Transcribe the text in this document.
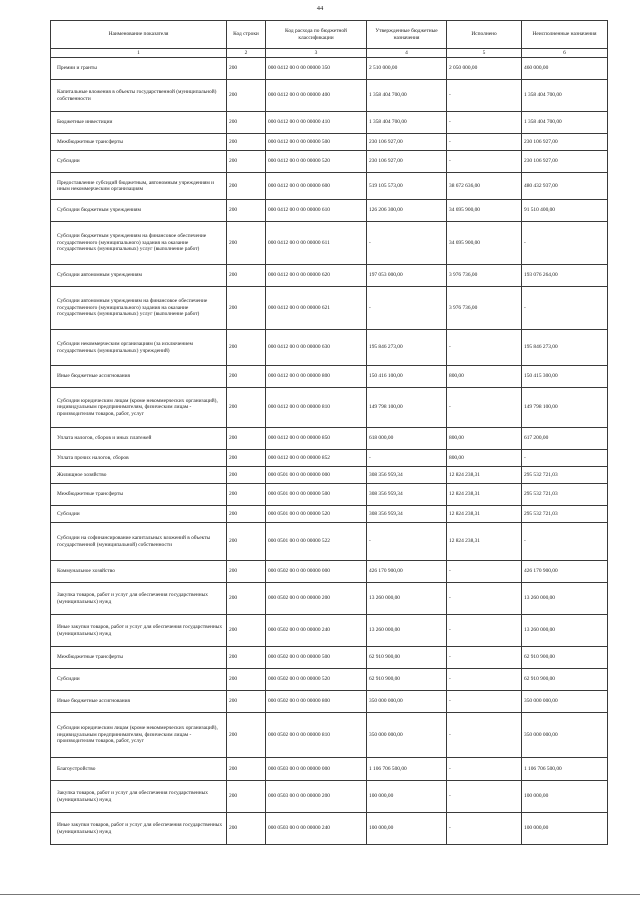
44
Наименование показателя	Код строки	Код расхода по бюджетной классификации	Утвержденные бюджетные назначения	Исполнено	Неисполненные назначения
1	2	3	4	5	6
Премии и гранты	200	000 0412 00 0 00 00000 350	2 510 000,00	2 050 000,00	460 000,00
Капитальные вложения в объекты государственной (муниципальной) собственности	200	000 0412 00 0 00 00000 400	1 358 404 700,00	-	1 358 404 700,00
Бюджетные инвестиции	200	000 0412 00 0 00 00000 410	1 358 404 700,00	-	1 358 404 700,00
Межбюджетные трансферты	200	000 0412 00 0 00 00000 500	230 106 927,00	-	230 106 927,00
Субсидии	200	000 0412 00 0 00 00000 520	230 106 927,00	-	230 106 927,00
Предоставление субсидий бюджетным, автономным учреждениям и иным некоммерческим организациям	200	000 0412 00 0 00 00000 600	519 105 573,00	38 672 636,00	480 432 937,00
Субсидии бюджетным учреждениям	200	000 0412 00 0 00 00000 610	126 206 300,00	34 695 900,00	91 510 400,00
Субсидии бюджетным учреждениям на финансовое обеспечение государственного (муниципального) задания на оказание государственных (муниципальных) услуг (выполнение работ)	200	000 0412 00 0 00 00000 611	-	34 695 900,00	-
Субсидии автономным учреждениям	200	000 0412 00 0 00 00000 620	197 053 000,00	3 976 736,00	193 076 264,00
Субсидии автономным учреждениям на финансовое обеспечение государственного (муниципального) задания на оказание государственных (муниципальных) услуг (выполнение работ)	200	000 0412 00 0 00 00000 621	-	3 976 736,00	-
Субсидии некоммерческим организациям (за исключением государственных (муниципальных) учреждений)	200	000 0412 00 0 00 00000 630	195 846 273,00	-	195 846 273,00
Иные бюджетные ассигнования	200	000 0412 00 0 00 00000 800	150 416 100,00	800,00	150 415 300,00
Субсидии юридическим лицам (кроме некоммерческих организаций), индивидуальным предпринимателям, физическим лицам - производителям товаров, работ, услуг	200	000 0412 00 0 00 00000 810	149 798 100,00	-	149 798 100,00
Уплата налогов, сборов и иных платежей	200	000 0412 00 0 00 00000 850	618 000,00	800,00	617 200,00
Уплата прочих налогов, сборов	200	000 0412 00 0 00 00000 852	-	800,00	-
Жилищное хозяйство	200	000 0501 00 0 00 00000 000	308 356 959,34	12 824 238,31	295 532 721,03
Межбюджетные трансферты	200	000 0501 00 0 00 00000 500	308 356 959,34	12 824 238,31	295 532 721,03
Субсидии	200	000 0501 00 0 00 00000 520	308 356 959,34	12 824 238,31	295 532 721,03
Субсидии на софинансирование капитальных вложений в объекты государственной (муниципальной) собственности	200	000 0501 00 0 00 00000 522	-	12 824 238,31	-
Коммунальное хозяйство	200	000 0502 00 0 00 00000 000	426 170 900,00	-	426 170 900,00
Закупка товаров, работ и услуг для обеспечения государственных (муниципальных) нужд	200	000 0502 00 0 00 00000 200	13 260 000,00	-	13 260 000,00
Иные закупки товаров, работ и услуг для обеспечения государственных (муниципальных) нужд	200	000 0502 00 0 00 00000 240	13 260 000,00	-	13 260 000,00
Межбюджетные трансферты	200	000 0502 00 0 00 00000 500	62 910 900,00	-	62 910 900,00
Субсидии	200	000 0502 00 0 00 00000 520	62 910 900,00	-	62 910 900,00
Иные бюджетные ассигнования	200	000 0502 00 0 00 00000 800	350 000 000,00	-	350 000 000,00
Субсидии юридическим лицам (кроме некоммерческих организаций), индивидуальным предпринимателям, физическим лицам - производителям товаров, работ, услуг	200	000 0502 00 0 00 00000 810	350 000 000,00	-	350 000 000,00
Благоустройство	200	000 0503 00 0 00 00000 000	1 106 706 500,00	-	1 106 706 500,00
Закупка товаров, работ и услуг для обеспечения государственных (муниципальных) нужд	200	000 0503 00 0 00 00000 200	100 000,00	-	100 000,00
Иные закупки товаров, работ и услуг для обеспечения государственных (муниципальных) нужд	200	000 0503 00 0 00 00000 240	100 000,00	-	100 000,00
